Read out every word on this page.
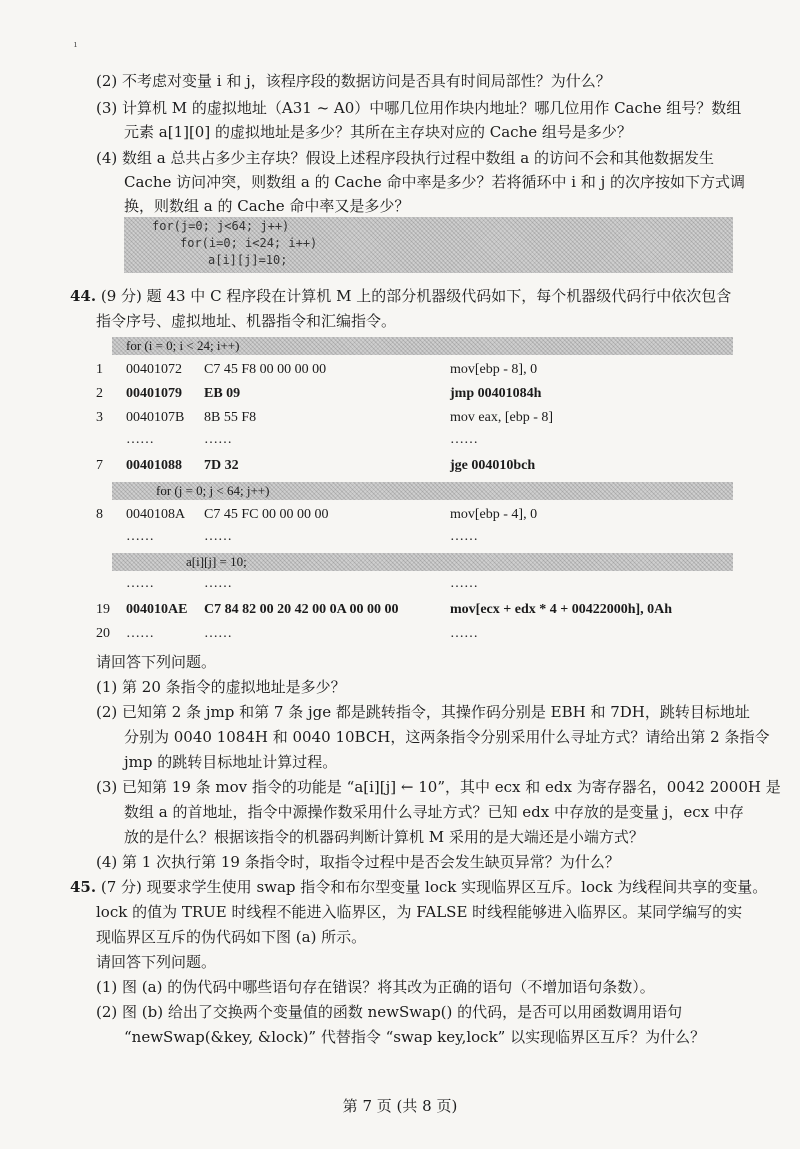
ı
(2) 不考虑对变量 i 和 j，该程序段的数据访问是否具有时间局部性？为什么？
(3) 计算机 M 的虚拟地址（A31 ~ A0）中哪几位用作块内地址？哪几位用作 Cache 组号？数组
元素 a[1][0] 的虚拟地址是多少？其所在主存块对应的 Cache 组号是多少？
(4) 数组 a 总共占多少主存块？假设上述程序段执行过程中数组 a 的访问不会和其他数据发生
Cache 访问冲突，则数组 a 的 Cache 命中率是多少？若将循环中 i 和 j 的次序按如下方式调
换，则数组 a 的 Cache 命中率又是多少？
for(j=0; j<64; j++)
for(i=0; i<24; i++)
a[i][j]=10;
44. (9 分) 题 43 中 C 程序段在计算机 M 上的部分机器级代码如下，每个机器级代码行中依次包含
指令序号、虚拟地址、机器指令和汇编指令。
for (i = 0; i < 24; i++)
1 00401072 C7 45 F8 00 00 00 00	mov[ebp - 8], 0
2 00401079 EB 09	jmp 00401084h
3 0040107B 8B 55 F8	mov eax, [ebp - 8]
……	……	……
7 00401088 7D 32	jge 004010bch
for (j = 0; j < 64; j++)
8 0040108A C7 45 FC 00 00 00 00	mov[ebp - 4], 0
……	……	……
a[i][j] = 10;
……	……	……
19 004010AE C7 84 82 00 20 42 00 0A 00 00 00	mov[ecx + edx * 4 + 00422000h], 0Ah
20 ……	……	……
请回答下列问题。
(1) 第 20 条指令的虚拟地址是多少？
(2) 已知第 2 条 jmp 和第 7 条 jge 都是跳转指令，其操作码分别是 EBH 和 7DH，跳转目标地址
分别为 0040 1084H 和 0040 10BCH，这两条指令分别采用什么寻址方式？请给出第 2 条指令
jmp 的跳转目标地址计算过程。
(3) 已知第 19 条 mov 指令的功能是 “a[i][j] ← 10”，其中 ecx 和 edx 为寄存器名，0042 2000H 是
数组 a 的首地址，指令中源操作数采用什么寻址方式？已知 edx 中存放的是变量 j，ecx 中存
放的是什么？根据该指令的机器码判断计算机 M 采用的是大端还是小端方式？
(4) 第 1 次执行第 19 条指令时，取指令过程中是否会发生缺页异常？为什么？
45. (7 分) 现要求学生使用 swap 指令和布尔型变量 lock 实现临界区互斥。lock 为线程间共享的变量。
lock 的值为 TRUE 时线程不能进入临界区，为 FALSE 时线程能够进入临界区。某同学编写的实
现临界区互斥的伪代码如下图 (a) 所示。
请回答下列问题。
(1) 图 (a) 的伪代码中哪些语句存在错误？将其改为正确的语句（不增加语句条数）。
(2) 图 (b) 给出了交换两个变量值的函数 newSwap() 的代码，是否可以用函数调用语句
“newSwap(&key, &lock)” 代替指令 “swap key,lock” 以实现临界区互斥？为什么？
第 7 页 (共 8 页)
